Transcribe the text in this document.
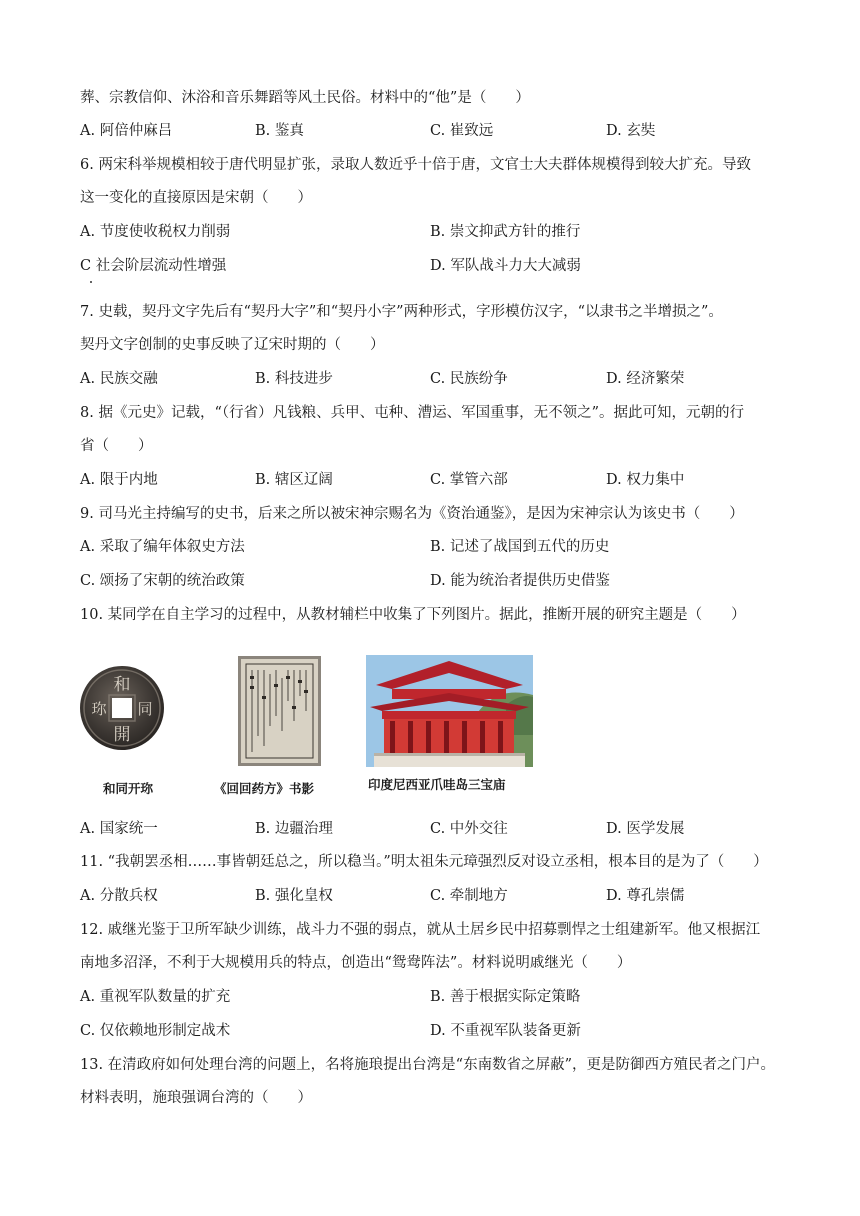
葬、宗教信仰、沐浴和音乐舞蹈等风土民俗。材料中的“他”是（　　）
A. 阿倍仲麻吕	B. 鉴真	C. 崔致远	D. 玄奘
6. 两宋科举规模相较于唐代明显扩张，录取人数近乎十倍于唐，文官士大夫群体规模得到较大扩充。导致
这一变化的直接原因是宋朝（　　）
A. 节度使收税权力削弱	B. 崇文抑武方针的推行
C 社会阶层流动性增强	D. 军队战斗力大大减弱
7. 史载，契丹文字先后有“契丹大字”和“契丹小字”两种形式，字形模仿汉字，“以隶书之半增损之”。
契丹文字创制的史事反映了辽宋时期的（　　）
A. 民族交融	B. 科技进步	C. 民族纷争	D. 经济繁荣
8. 据《元史》记载，“（行省）凡钱粮、兵甲、屯种、漕运、军国重事，无不领之”。据此可知，元朝的行
省（　　）
A. 限于内地	B. 辖区辽阔	C. 掌管六部	D. 权力集中
9. 司马光主持编写的史书，后来之所以被宋神宗赐名为《资治通鉴》，是因为宋神宗认为该史书（　　）
A. 采取了编年体叙史方法	B. 记述了战国到五代的历史
C. 颂扬了宋朝的统治政策	D. 能为统治者提供历史借鉴
10. 某同学在自主学习的过程中，从教材辅栏中收集了下列图片。据此，推断开展的研究主题是（　　）
和
同
開
珎
和同开珎	《回回药方》书影	印度尼西亚爪哇岛三宝庙
A. 国家统一	B. 边疆治理	C. 中外交往	D. 医学发展
11. “我朝罢丞相……事皆朝廷总之，所以稳当。”明太祖朱元璋强烈反对设立丞相，根本目的是为了（　　）
A. 分散兵权	B. 强化皇权	C. 牵制地方	D. 尊孔崇儒
12. 戚继光鉴于卫所军缺少训练，战斗力不强的弱点，就从土居乡民中招募剽悍之士组建新军。他又根据江
南地多沼泽，不利于大规模用兵的特点，创造出“鸳鸯阵法”。材料说明戚继光（　　）
A. 重视军队数量的扩充	B. 善于根据实际定策略
C. 仅依赖地形制定战术	D. 不重视军队装备更新
13. 在清政府如何处理台湾的问题上，名将施琅提出台湾是“东南数省之屏蔽”，更是防御西方殖民者之门户。
材料表明，施琅强调台湾的（　　）
